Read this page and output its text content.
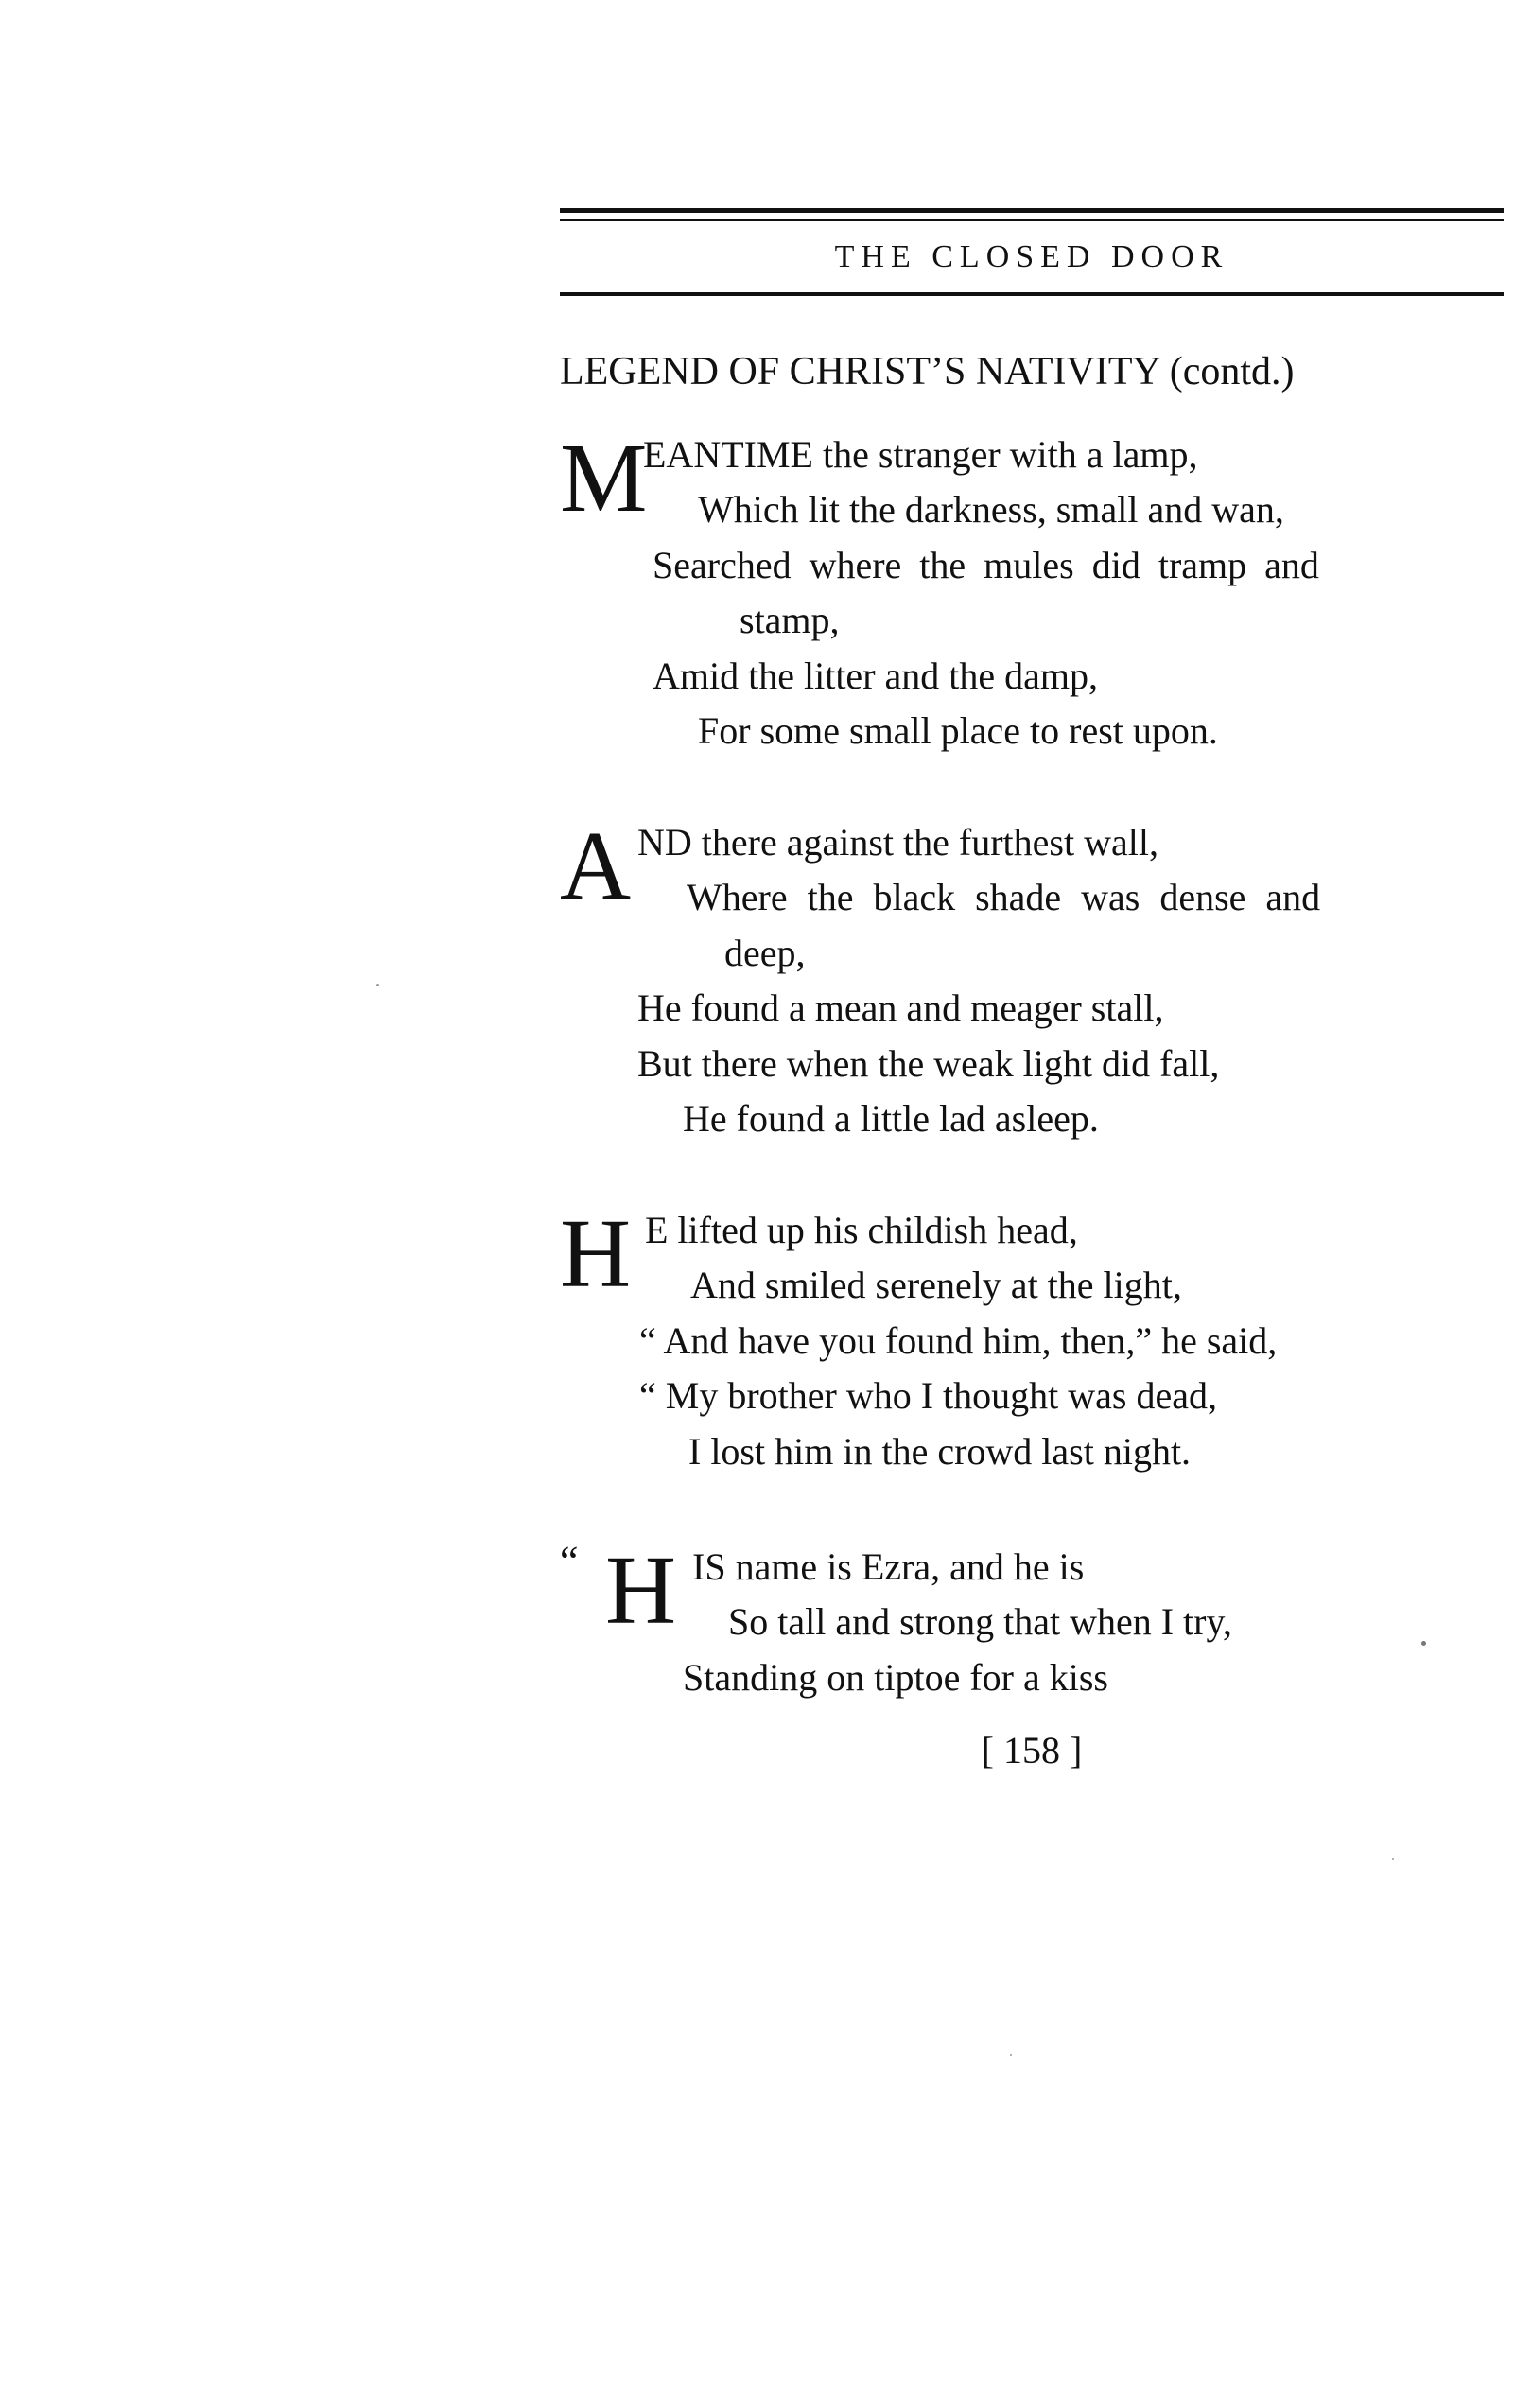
THE CLOSED DOOR
LEGEND OF CHRIST’S NATIVITY (contd.)
M
EANTIME the stranger with a lamp,
Which lit the darkness, small and wan,
Searched where the mules did tramp and
stamp,
Amid the litter and the damp,
For some small place to rest upon.
A ND there against the furthest wall,
Where the black shade was dense and
deep,
He found a mean and meager stall,
But there when the weak light did fall,
He found a little lad asleep.
H E lifted up his childish head,
And smiled serenely at the light,
“ And have you found him, then,” he said,
“ My brother who I thought was dead,
I lost him in the crowd last night.
“ H IS name is Ezra, and he is
So tall and strong that when I try,
Standing on tiptoe for a kiss
[ 158 ]
